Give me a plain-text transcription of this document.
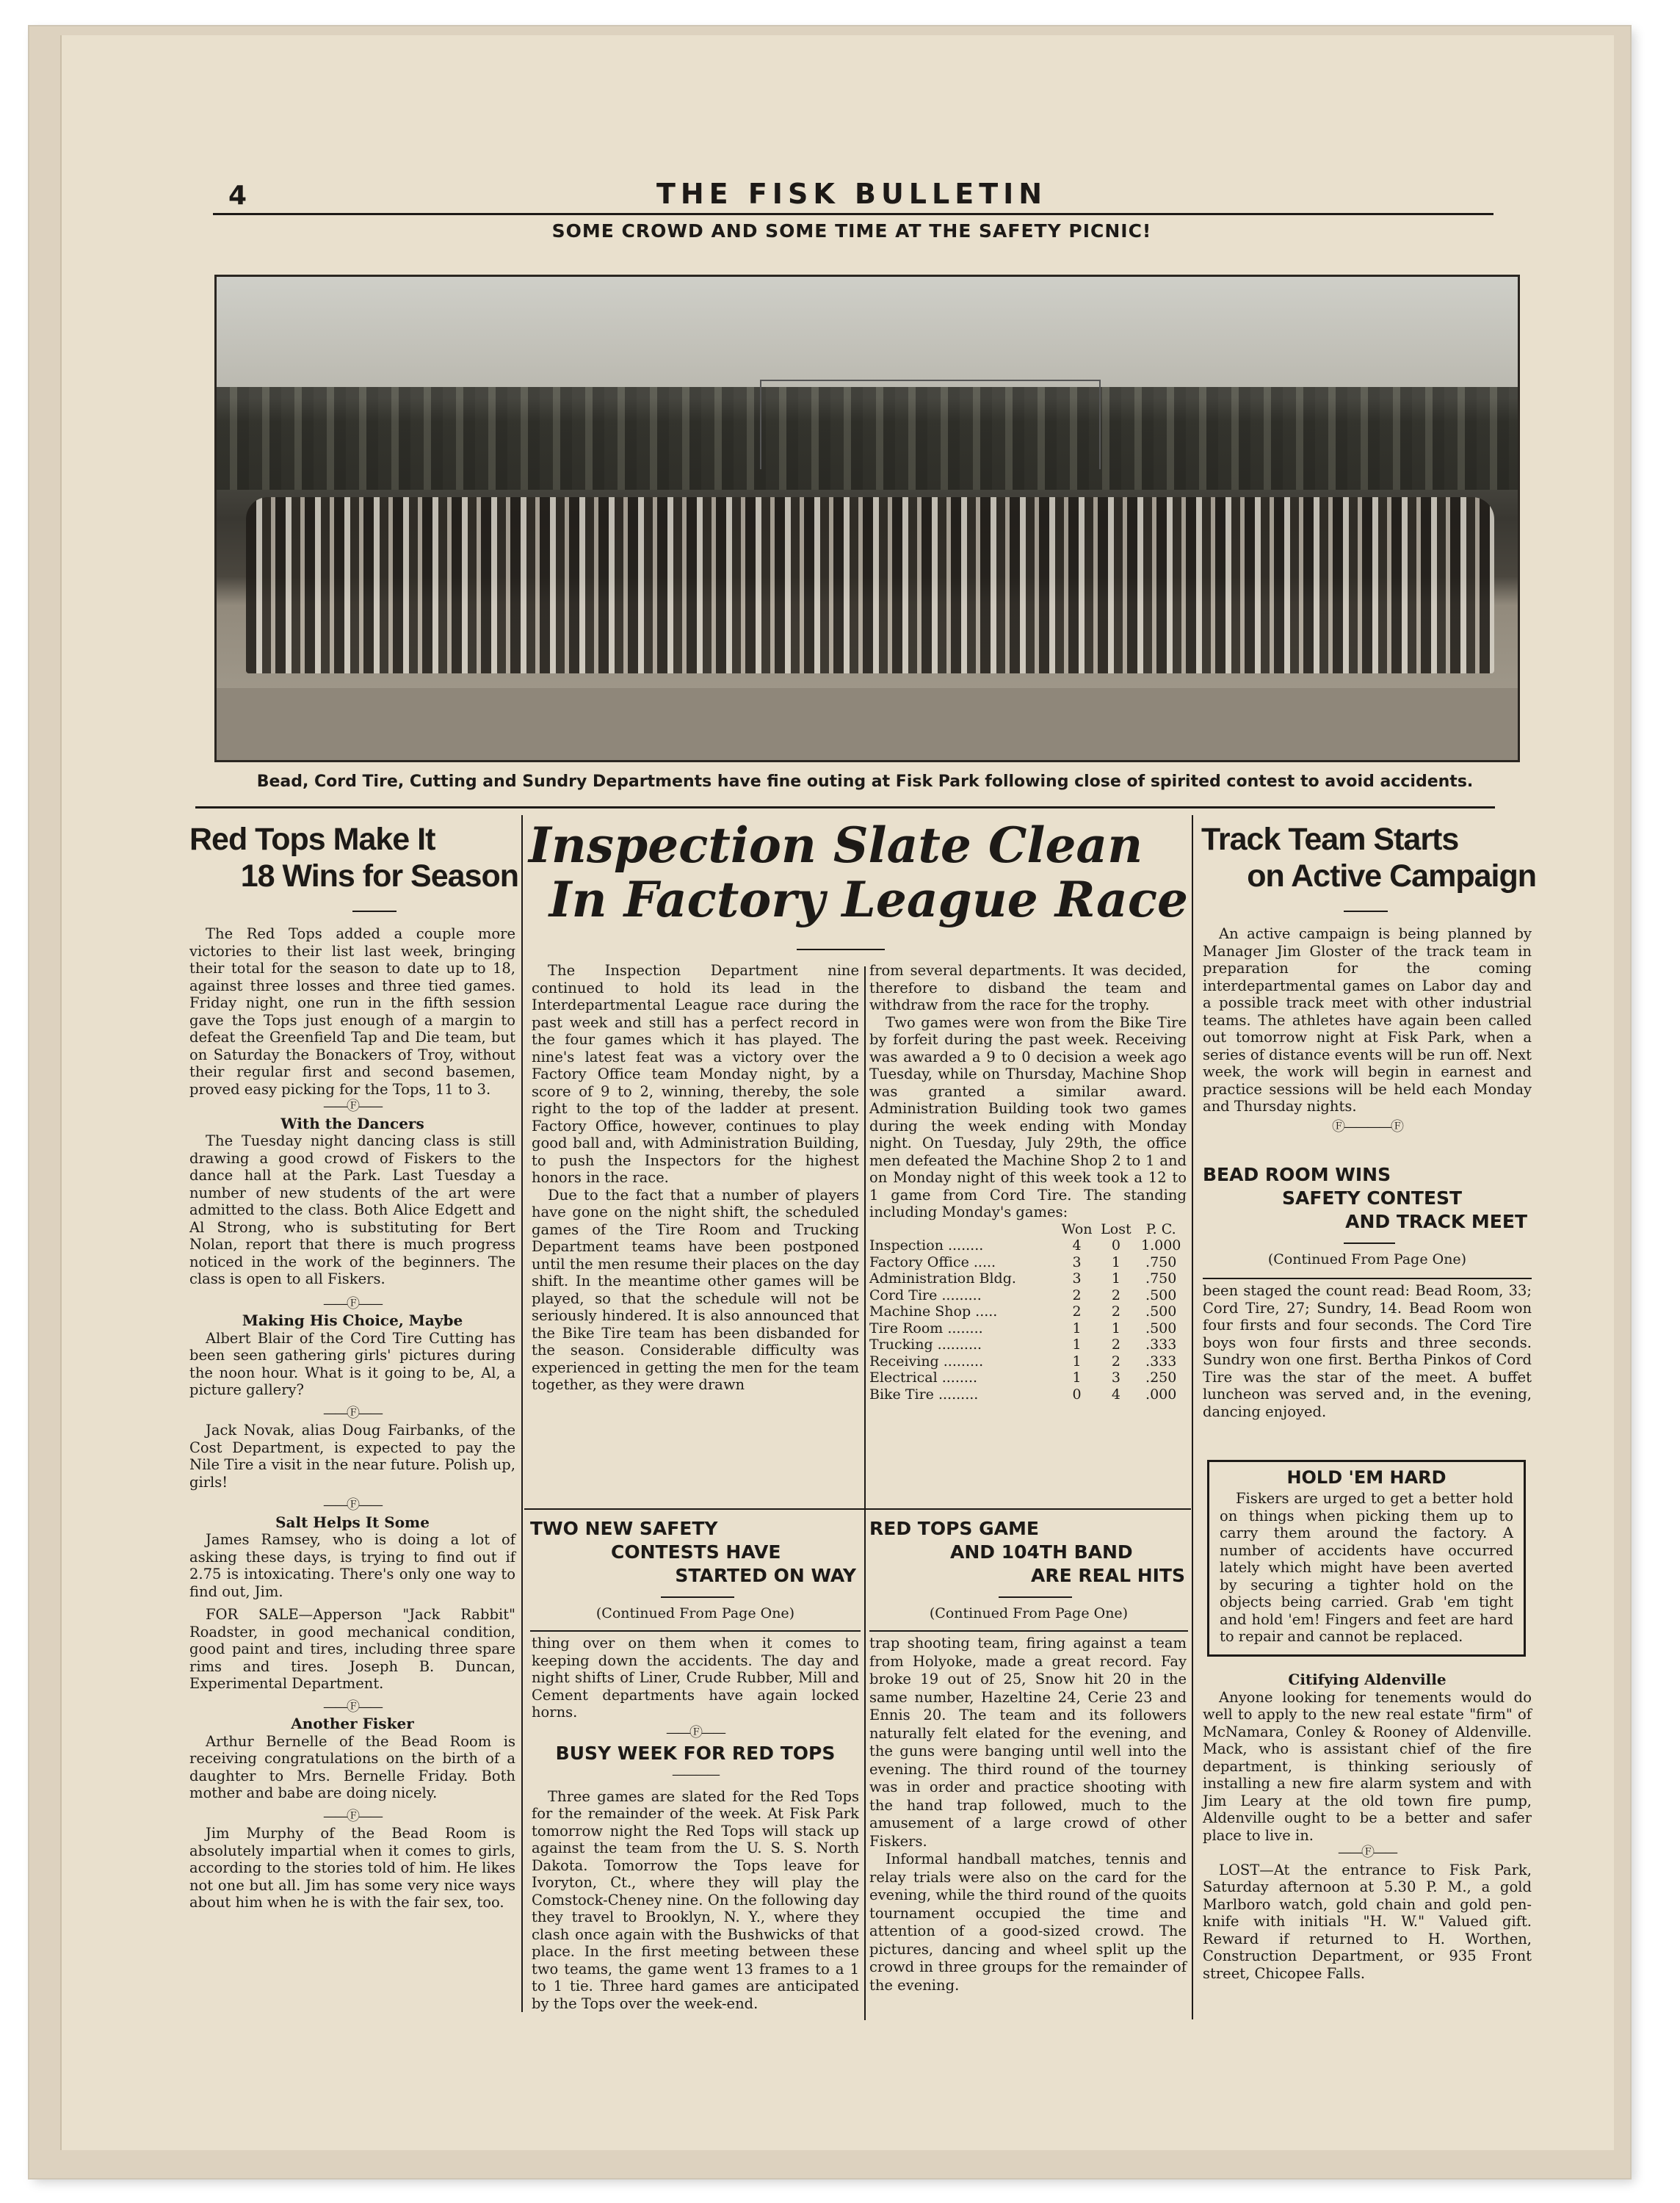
4	THE FISK BULLETIN
SOME CROWD AND SOME TIME AT THE SAFETY PICNIC!
Bead, Cord Tire, Cutting and Sundry Departments have fine outing at Fisk Park following close of spirited contest to avoid accidents.
Red Tops Make It
18 Wins for Season

The Red Tops added a couple more victories to their list last week, bringing their total for the season to date up to 18, against three losses and three tied games. Friday night, one run in the fifth session gave the Tops just enough of a margin to defeat the Greenfield Tap and Die team, but on Saturday the Bonackers of Troy, without their regular first and second basemen, proved easy picking for the Tops, 11 to 3.

——Ⓕ——
With the Dancers

The Tuesday night dancing class is still drawing a good crowd of Fiskers to the dance hall at the Park. Last Tuesday a number of new students of the art were admitted to the class. Both Alice Edgett and Al Strong, who is substituting for Bert Nolan, report that there is much progress noticed in the work of the beginners. The class is open to all Fiskers.

——Ⓕ——
Making His Choice, Maybe

Albert Blair of the Cord Tire Cutting has been seen gathering girls' pictures during the noon hour. What is it going to be, Al, a picture gallery?

——Ⓕ——

Jack Novak, alias Doug Fairbanks, of the Cost Department, is expected to pay the Nile Tire a visit in the near future. Polish up, girls!

——Ⓕ——
Salt Helps It Some

James Ramsey, who is doing a lot of asking these days, is trying to find out if 2.75 is intoxicating. There's only one way to find out, Jim.

FOR SALE—Apperson "Jack Rabbit" Roadster, in good mechanical condition, good paint and tires, including three spare rims and tires. Joseph B. Duncan, Experimental Department.

——Ⓕ——
Another Fisker

Arthur Bernelle of the Bead Room is receiving congratulations on the birth of a daughter to Mrs. Bernelle Friday. Both mother and babe are doing nicely.

——Ⓕ——

Jim Murphy of the Bead Room is absolutely impartial when it comes to girls, according to the stories told of him. He likes not one but all. Jim has some very nice ways about him when he is with the fair sex, too.

Inspection Slate Clean
In Factory League Race

The Inspection Department nine continued to hold its lead in the Interdepartmental League race during the past week and still has a perfect record in the four games which it has played. The nine's latest feat was a victory over the Factory Office team Monday night, by a score of 9 to 2, winning, thereby, the sole right to the top of the ladder at present. Factory Office, however, continues to play good ball and, with Administration Building, to push the Inspectors for the highest honors in the race.

Due to the fact that a number of players have gone on the night shift, the scheduled games of the Tire Room and Trucking Department teams have been postponed until the men resume their places on the day shift. In the meantime other games will be played, so that the schedule will not be seriously hindered. It is also announced that the Bike Tire team has been disbanded for the season. Considerable difficulty was experienced in getting the men for the team together, as they were drawn

from several departments. It was decided, therefore to disband the team and withdraw from the race for the trophy.

Two games were won from the Bike Tire by forfeit during the past week. Receiving was awarded a 9 to 0 decision a week ago Tuesday, while on Thursday, Machine Shop was granted a similar award. Administration Building took two games during the week ending with Monday night. On Tuesday, July 29th, the office men defeated the Machine Shop 2 to 1 and on Monday night of this week took a 12 to 1 game from Cord Tire. The standing including Monday's games:

	Won	Lost	P. C.
Inspection ........	4	0	1.000
Factory Office .....	3	1	.750
Administration Bldg.	3	1	.750
Cord Tire .........	2	2	.500
Machine Shop .....	2	2	.500
Tire Room ........	1	1	.500
Trucking ..........	1	2	.333
Receiving .........	1	2	.333
Electrical ........	1	3	.250
Bike Tire .........	0	4	.000
TWO NEW SAFETY
CONTESTS HAVE
STARTED ON WAY
(Continued From Page One)

thing over on them when it comes to keeping down the accidents. The day and night shifts of Liner, Crude Rubber, Mill and Cement departments have again locked horns.

——Ⓕ——
BUSY WEEK FOR RED TOPS
————

Three games are slated for the Red Tops for the remainder of the week. At Fisk Park tomorrow night the Red Tops will stack up against the team from the U. S. S. North Dakota. Tomorrow the Tops leave for Ivoryton, Ct., where they will play the Comstock-Cheney nine. On the following day they travel to Brooklyn, N. Y., where they clash once again with the Bushwicks of that place. In the first meeting between these two teams, the game went 13 frames to a 1 to 1 tie. Three hard games are anticipated by the Tops over the week-end.

RED TOPS GAME
AND 104TH BAND
ARE REAL HITS
(Continued From Page One)

trap shooting team, firing against a team from Holyoke, made a great record. Fay broke 19 out of 25, Snow hit 20 in the same number, Hazeltine 24, Cerie 23 and Ennis 20. The team and its followers naturally felt elated for the evening, and the guns were banging until well into the evening. The third round of the tourney was in order and practice shooting with the hand trap followed, much to the amusement of a large crowd of other Fiskers.

Informal handball matches, tennis and relay trials were also on the card for the evening, while the third round of the quoits tournament occupied the time and attention of a good-sized crowd. The pictures, dancing and wheel split up the crowd in three groups for the remainder of the evening.

Track Team Starts
on Active Campaign

An active campaign is being planned by Manager Jim Gloster of the track team in preparation for the coming interdepartmental games on Labor day and a possible track meet with other industrial teams. The athletes have again been called out tomorrow night at Fisk Park, when a series of distance events will be run off. Next week, the work will begin in earnest and practice sessions will be held each Monday and Thursday nights.

Ⓕ————Ⓕ
BEAD ROOM WINS
SAFETY CONTEST
AND TRACK MEET
(Continued From Page One)

been staged the count read: Bead Room, 33; Cord Tire, 27; Sundry, 14. Bead Room won four firsts and four seconds. The Cord Tire boys won four firsts and three seconds. Sundry won one first. Bertha Pinkos of Cord Tire was the star of the meet. A buffet luncheon was served and, in the evening, dancing enjoyed.

HOLD 'EM HARD

Fiskers are urged to get a better hold on things when picking them up to carry them around the factory. A number of accidents have occurred lately which might have been averted by securing a tighter hold on the objects being carried. Grab 'em tight and hold 'em! Fingers and feet are hard to repair and cannot be replaced.

Citifying Aldenville

Anyone looking for tenements would do well to apply to the new real estate "firm" of McNamara, Conley & Rooney of Aldenville. Mack, who is assistant chief of the fire department, is thinking seriously of installing a new fire alarm system and with Jim Leary at the old town fire pump, Aldenville ought to be a better and safer place to live in.

——Ⓕ——

LOST—At the entrance to Fisk Park, Saturday afternoon at 5.30 P. M., a gold Marlboro watch, gold chain and gold pen-knife with initials "H. W." Valued gift. Reward if returned to H. Worthen, Construction Department, or 935 Front street, Chicopee Falls.
